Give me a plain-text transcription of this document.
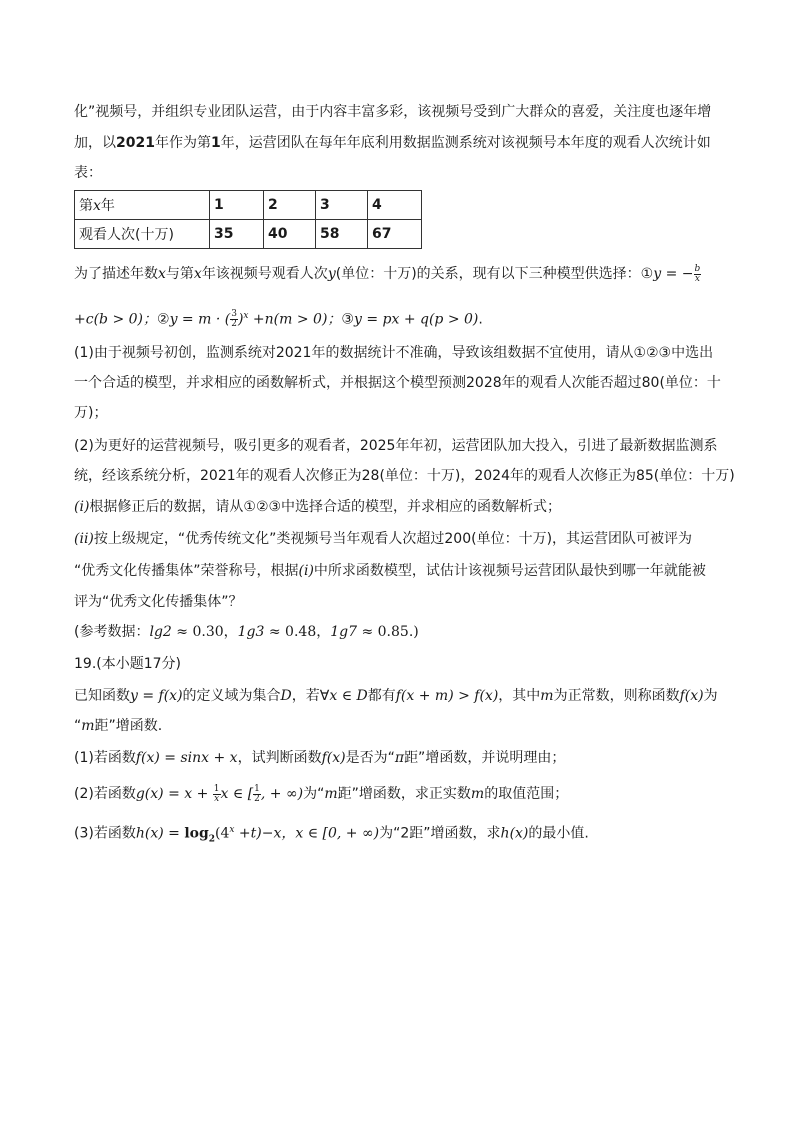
化”视频号，并组织专业团队运营，由于内容丰富多彩，该视频号受到广大群众的喜爱，关注度也逐年增
加，以2021年作为第1年，运营团队在每年年底利用数据监测系统对该视频号本年度的观看人次统计如
表：
第x年	1	2	3	4
观看人次(十万)	35	40	58	67
为了描述年数x与第x年该视频号观看人次y(单位：十万)的关系，现有以下三种模型供选择：①y = − $\frac{b}{x}$
+c(b > 0)；②y = m · ( $\frac{3}{2} )^x +n(m > 0)$；③y = px + q(p > 0).
(1)由于视频号初创，监测系统对2021年的数据统计不准确，导致该组数据不宜使用，请从①②③中选出
一个合适的模型，并求相应的函数解析式，并根据这个模型预测2028年的观看人次能否超过80(单位：十
万)；
(2)为更好的运营视频号，吸引更多的观看者，2025年年初，运营团队加大投入，引进了最新数据监测系
统，经该系统分析，2021年的观看人次修正为28(单位：十万)，2024年的观看人次修正为85(单位：十万)
(i)根据修正后的数据，请从①②③中选择合适的模型，并求相应的函数解析式；
(ii)按上级规定，“优秀传统文化”类视频号当年观看人次超过200(单位：十万)，其运营团队可被评为
“优秀文化传播集体”荣誉称号，根据(i)中所求函数模型，试估计该视频号运营团队最快到哪一年就能被
评为“优秀文化传播集体”？
(参考数据：lg2 ≈ 0.30，1g3 ≈ 0.48，1g7 ≈ 0.85.)
19.(本小题17分)
已知函数y = f(x)的定义域为集合D，若∀x ∈ D都有f(x + m) > f(x)，其中m为正常数，则称函数f(x)为
“m距”增函数.
(1)若函数f(x) = sinx + x，试判断函数f(x)是否为“π距”增函数，并说明理由；
(2)若函数$g(x) = x + \frac{1}{x}$ x ∈ [ $\frac{1}{2}$ , + ∞)为“m距”增函数，求正实数m的取值范围；
(3)若函数$h(x) = \log_2(4^x +t)-x$，x ∈ [0, + ∞)为“2距”增函数，求h(x)的最小值.
